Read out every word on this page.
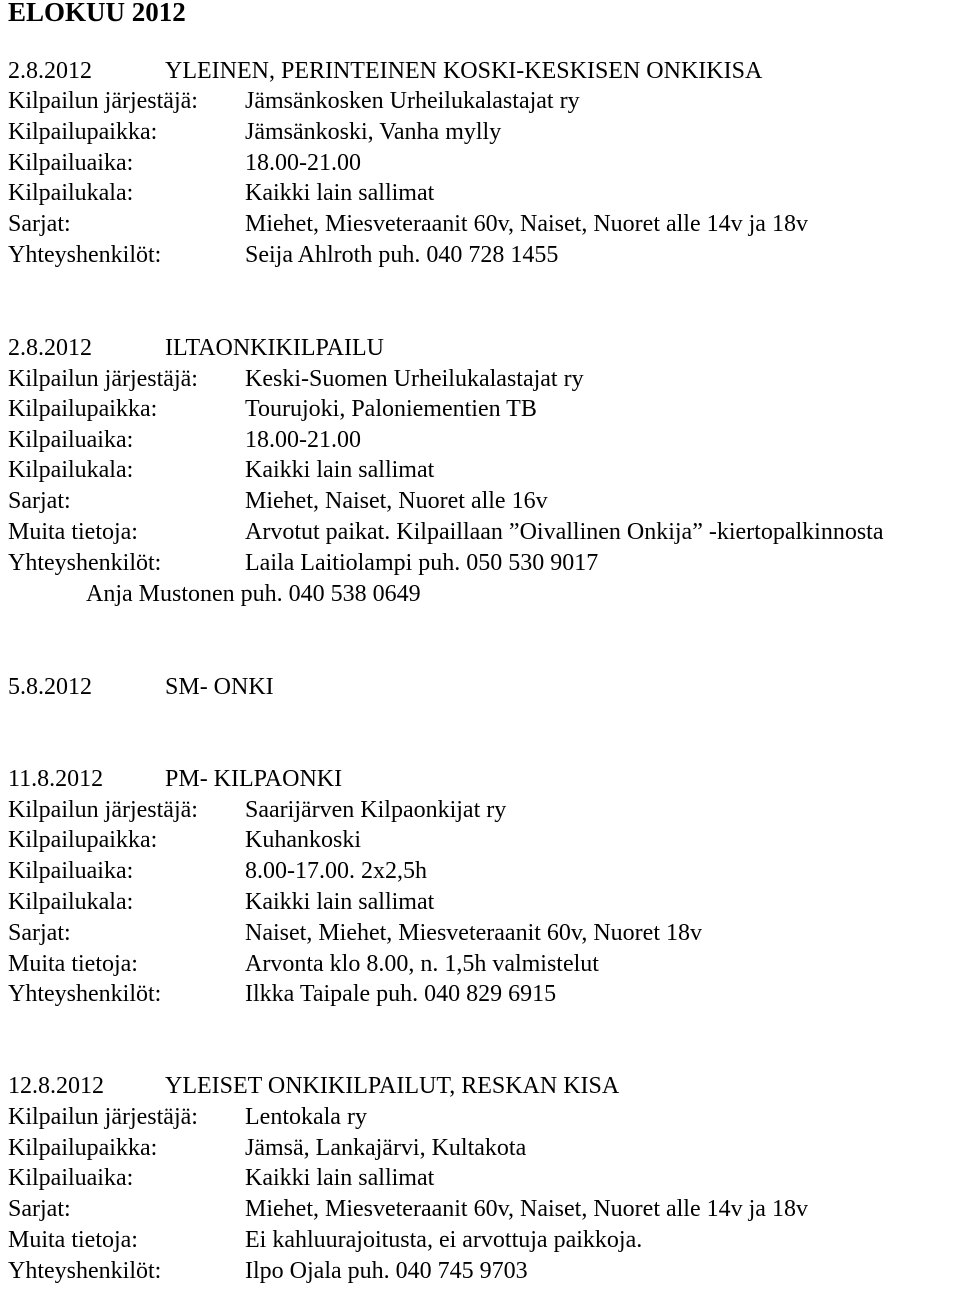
ELOKUU 2012
2.8.2012	YLEINEN, PERINTEINEN KOSKI-KESKISEN ONKIKISA
Kilpailun järjestäjä: Jämsänkosken Urheilukalastajat ry
Kilpailupaikka:	Jämsänkoski, Vanha mylly
Kilpailuaika:	18.00-21.00
Kilpailukala:	Kaikki lain sallimat
Sarjat:	Miehet, Miesveteraanit 60v, Naiset, Nuoret alle 14v ja 18v
Yhteyshenkilöt:	Seija Ahlroth puh. 040 728 1455
2.8.2012	ILTAONKIKILPAILU
Kilpailun järjestäjä: Keski-Suomen Urheilukalastajat ry
Kilpailupaikka:	Tourujoki, Paloniementien TB
Kilpailuaika:	18.00-21.00
Kilpailukala:	Kaikki lain sallimat
Sarjat:	Miehet, Naiset, Nuoret alle 16v
Muita tietoja:	Arvotut paikat. Kilpaillaan ”Oivallinen Onkija” -kiertopalkinnosta
Yhteyshenkilöt:	Laila Laitiolampi puh. 050 530 9017
Anja Mustonen puh. 040 538 0649
5.8.2012	SM- ONKI
11.8.2012	PM- KILPAONKI
Kilpailun järjestäjä: Saarijärven Kilpaonkijat ry
Kilpailupaikka:	Kuhankoski
Kilpailuaika:	8.00-17.00. 2x2,5h
Kilpailukala:	Kaikki lain sallimat
Sarjat:	Naiset, Miehet, Miesveteraanit 60v, Nuoret 18v
Muita tietoja:	Arvonta klo 8.00, n. 1,5h valmistelut
Yhteyshenkilöt:	Ilkka Taipale puh. 040 829 6915
12.8.2012	YLEISET ONKIKILPAILUT, RESKAN KISA
Kilpailun järjestäjä: Lentokala ry
Kilpailupaikka:	Jämsä, Lankajärvi, Kultakota
Kilpailuaika:	Kaikki lain sallimat
Sarjat:	Miehet, Miesveteraanit 60v, Naiset, Nuoret alle 14v ja 18v
Muita tietoja:	Ei kahluurajoitusta, ei arvottuja paikkoja.
Yhteyshenkilöt:	Ilpo Ojala puh. 040 745 9703
